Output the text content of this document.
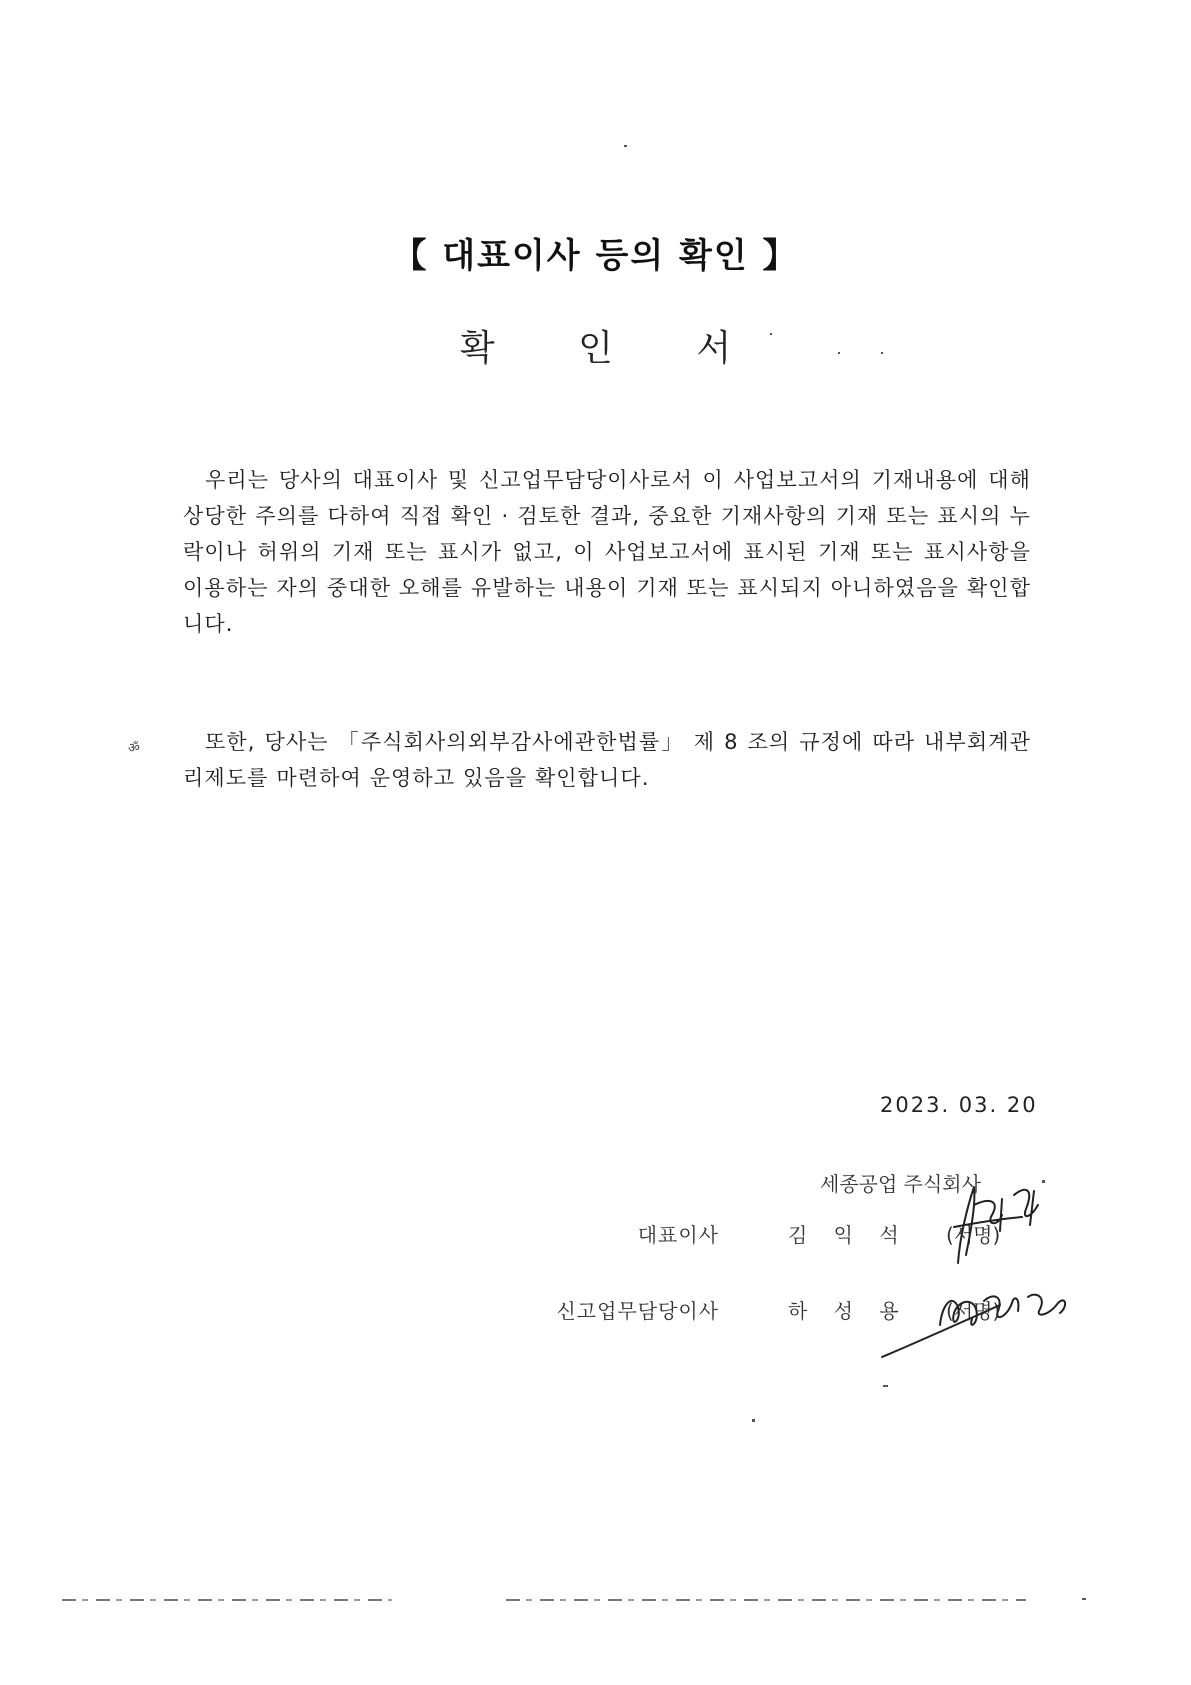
【 대표이사 등의 확인 】
확 인 서
우리는 당사의 대표이사 및 신고업무담당이사로서 이 사업보고서의 기재내용에 대해 상당한 주의를 다하여 직접 확인 · 검토한 결과, 중요한 기재사항의 기재 또는 표시의 누락이나 허위의 기재 또는 표시가 없고, 이 사업보고서에 표시된 기재 또는 표시사항을 이용하는 자의 중대한 오해를 유발하는 내용이 기재 또는 표시되지 아니하였음을 확인합니다.
ॐ	또한, 당사는 「주식회사의외부감사에관한법률」 제 8 조의 규정에 따라 내부회계관리제도를 마련하여 운영하고 있음을 확인합니다.
2023. 03. 20
세종공업 주식회사
대표이사	김 익 석 (서명)
신고업무담당이사	하 성 용 (서명)
